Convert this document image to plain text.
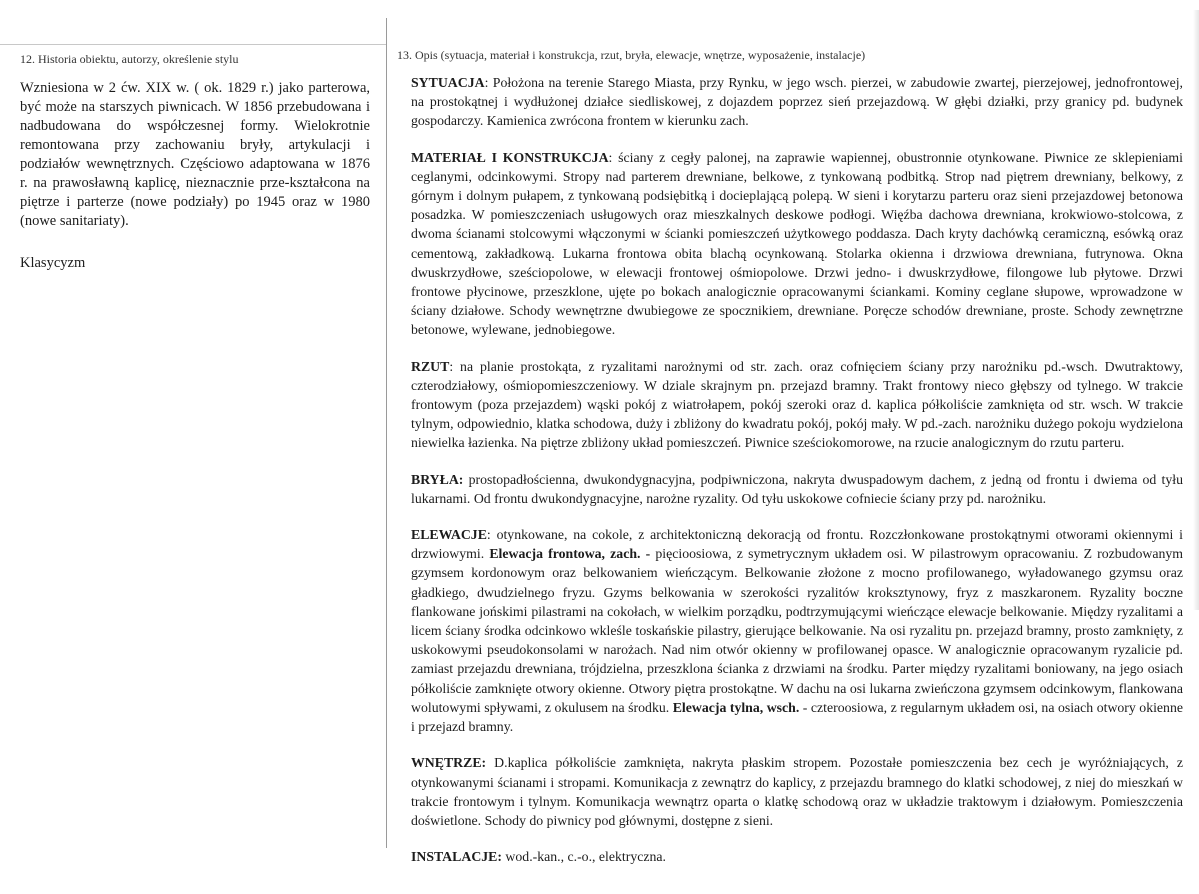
12. Historia obiektu, autorzy, określenie stylu

Wzniesiona w 2 ćw. XIX w. ( ok. 1829 r.) jako parterowa, być może na starszych piwnicach. W 1856 przebudowana i nadbudowana do współczesnej formy. Wielokrotnie remontowana przy zachowaniu bryły, artykulacji i podziałów wewnętrznych. Częściowo adaptowana w 1876 r. na prawosławną kaplicę, nieznacznie prze-kształcona na piętrze i parterze (nowe podziały) po 1945 oraz w 1980 (nowe sanitariaty).

Klasycyzm

13. Opis (sytuacja, materiał i konstrukcja, rzut, bryła, elewacje, wnętrze, wyposażenie, instalacje)

SYTUACJA: Położona na terenie Starego Miasta, przy Rynku, w jego wsch. pierzei, w zabudowie zwartej, pierzejowej, jednofrontowej, na prostokątnej i wydłużonej działce siedliskowej, z dojazdem poprzez sień przejazdową. W głębi działki, przy granicy pd. budynek gospodarczy. Kamienica zwrócona frontem w kierunku zach.

MATERIAŁ I KONSTRUKCJA: ściany z cegły palonej, na zaprawie wapiennej, obustronnie otynkowane. Piwnice ze sklepieniami ceglanymi, odcinkowymi. Stropy nad parterem drewniane, belkowe, z tynkowaną podbitką. Strop nad piętrem drewniany, belkowy, z górnym i dolnym pułapem, z tynkowaną podsiębitką i docieplającą polepą. W sieni i korytarzu parteru oraz sieni przejazdowej betonowa posadzka. W pomieszczeniach usługowych oraz mieszkalnych deskowe podłogi. Więźba dachowa drewniana, krokwiowo-stolcowa, z dwoma ścianami stolcowymi włączonymi w ścianki pomieszczeń użytkowego poddasza. Dach kryty dachówką ceramiczną, esówką oraz cementową, zakładkową. Lukarna frontowa obita blachą ocynkowaną. Stolarka okienna i drzwiowa drewniana, futrynowa. Okna dwuskrzydłowe, sześciopolowe, w elewacji frontowej ośmiopolowe. Drzwi jedno- i dwuskrzydłowe, filongowe lub płytowe. Drzwi frontowe płycinowe, przeszklone, ujęte po bokach analogicznie opracowanymi ściankami. Kominy ceglane słupowe, wprowadzone w ściany działowe. Schody wewnętrzne dwubiegowe ze spocznikiem, drewniane. Poręcze schodów drewniane, proste. Schody zewnętrzne betonowe, wylewane, jednobiegowe.

RZUT: na planie prostokąta, z ryzalitami narożnymi od str. zach. oraz cofnięciem ściany przy narożniku pd.-wsch. Dwutraktowy, czterodziałowy, ośmiopomieszczeniowy. W dziale skrajnym pn. przejazd bramny. Trakt frontowy nieco głębszy od tylnego. W trakcie frontowym (poza przejazdem) wąski pokój z wiatrołapem, pokój szeroki oraz d. kaplica półkoliście zamknięta od str. wsch. W trakcie tylnym, odpowiednio, klatka schodowa, duży i zbliżony do kwadratu pokój, pokój mały. W pd.-zach. narożniku dużego pokoju wydzielona niewielka łazienka. Na piętrze zbliżony układ pomieszczeń. Piwnice sześciokomorowe, na rzucie analogicznym do rzutu parteru.

BRYŁA: prostopadłościenna, dwukondygnacyjna, podpiwniczona, nakryta dwuspadowym dachem, z jedną od frontu i dwiema od tyłu lukarnami. Od frontu dwukondygnacyjne, narożne ryzality. Od tyłu uskokowe cofniecie ściany przy pd. narożniku.

ELEWACJE: otynkowane, na cokole, z architektoniczną dekoracją od frontu. Rozczłonkowane prostokątnymi otworami okiennymi i drzwiowymi. Elewacja frontowa, zach. - pięcioosiowa, z symetrycznym układem osi. W pilastrowym opracowaniu. Z rozbudowanym gzymsem kordonowym oraz belkowaniem wieńczącym. Belkowanie złożone z mocno profilowanego, wyładowanego gzymsu oraz gładkiego, dwudzielnego fryzu. Gzyms belkowania w szerokości ryzalitów kroksztynowy, fryz z maszkaronem. Ryzality boczne flankowane jońskimi pilastrami na cokołach, w wielkim porządku, podtrzymującymi wieńczące elewacje belkowanie. Między ryzalitami a licem ściany środka odcinkowo wkleśle toskańskie pilastry, gierujące belkowanie. Na osi ryzalitu pn. przejazd bramny, prosto zamknięty, z uskokowymi pseudokonsolami w narożach. Nad nim otwór okienny w profilowanej opasce. W analogicznie opracowanym ryzalicie pd. zamiast przejazdu drewniana, trójdzielna, przeszklona ścianka z drzwiami na środku. Parter między ryzalitami boniowany, na jego osiach półkoliście zamknięte otwory okienne. Otwory piętra prostokątne. W dachu na osi lukarna zwieńczona gzymsem odcinkowym, flankowana wolutowymi spływami, z okulusem na środku. Elewacja tylna, wsch. - czteroosiowa, z regularnym układem osi, na osiach otwory okienne i przejazd bramny.

WNĘTRZE: D.kaplica półkoliście zamknięta, nakryta płaskim stropem. Pozostałe pomieszczenia bez cech je wyróżniających, z otynkowanymi ścianami i stropami. Komunikacja z zewnątrz do kaplicy, z przejazdu bramnego do klatki schodowej, z niej do mieszkań w trakcie frontowym i tylnym. Komunikacja wewnątrz oparta o klatkę schodową oraz w układzie traktowym i działowym. Pomieszczenia doświetlone. Schody do piwnicy pod głównymi, dostępne z sieni.

INSTALACJE: wod.-kan., c.-o., elektryczna.
